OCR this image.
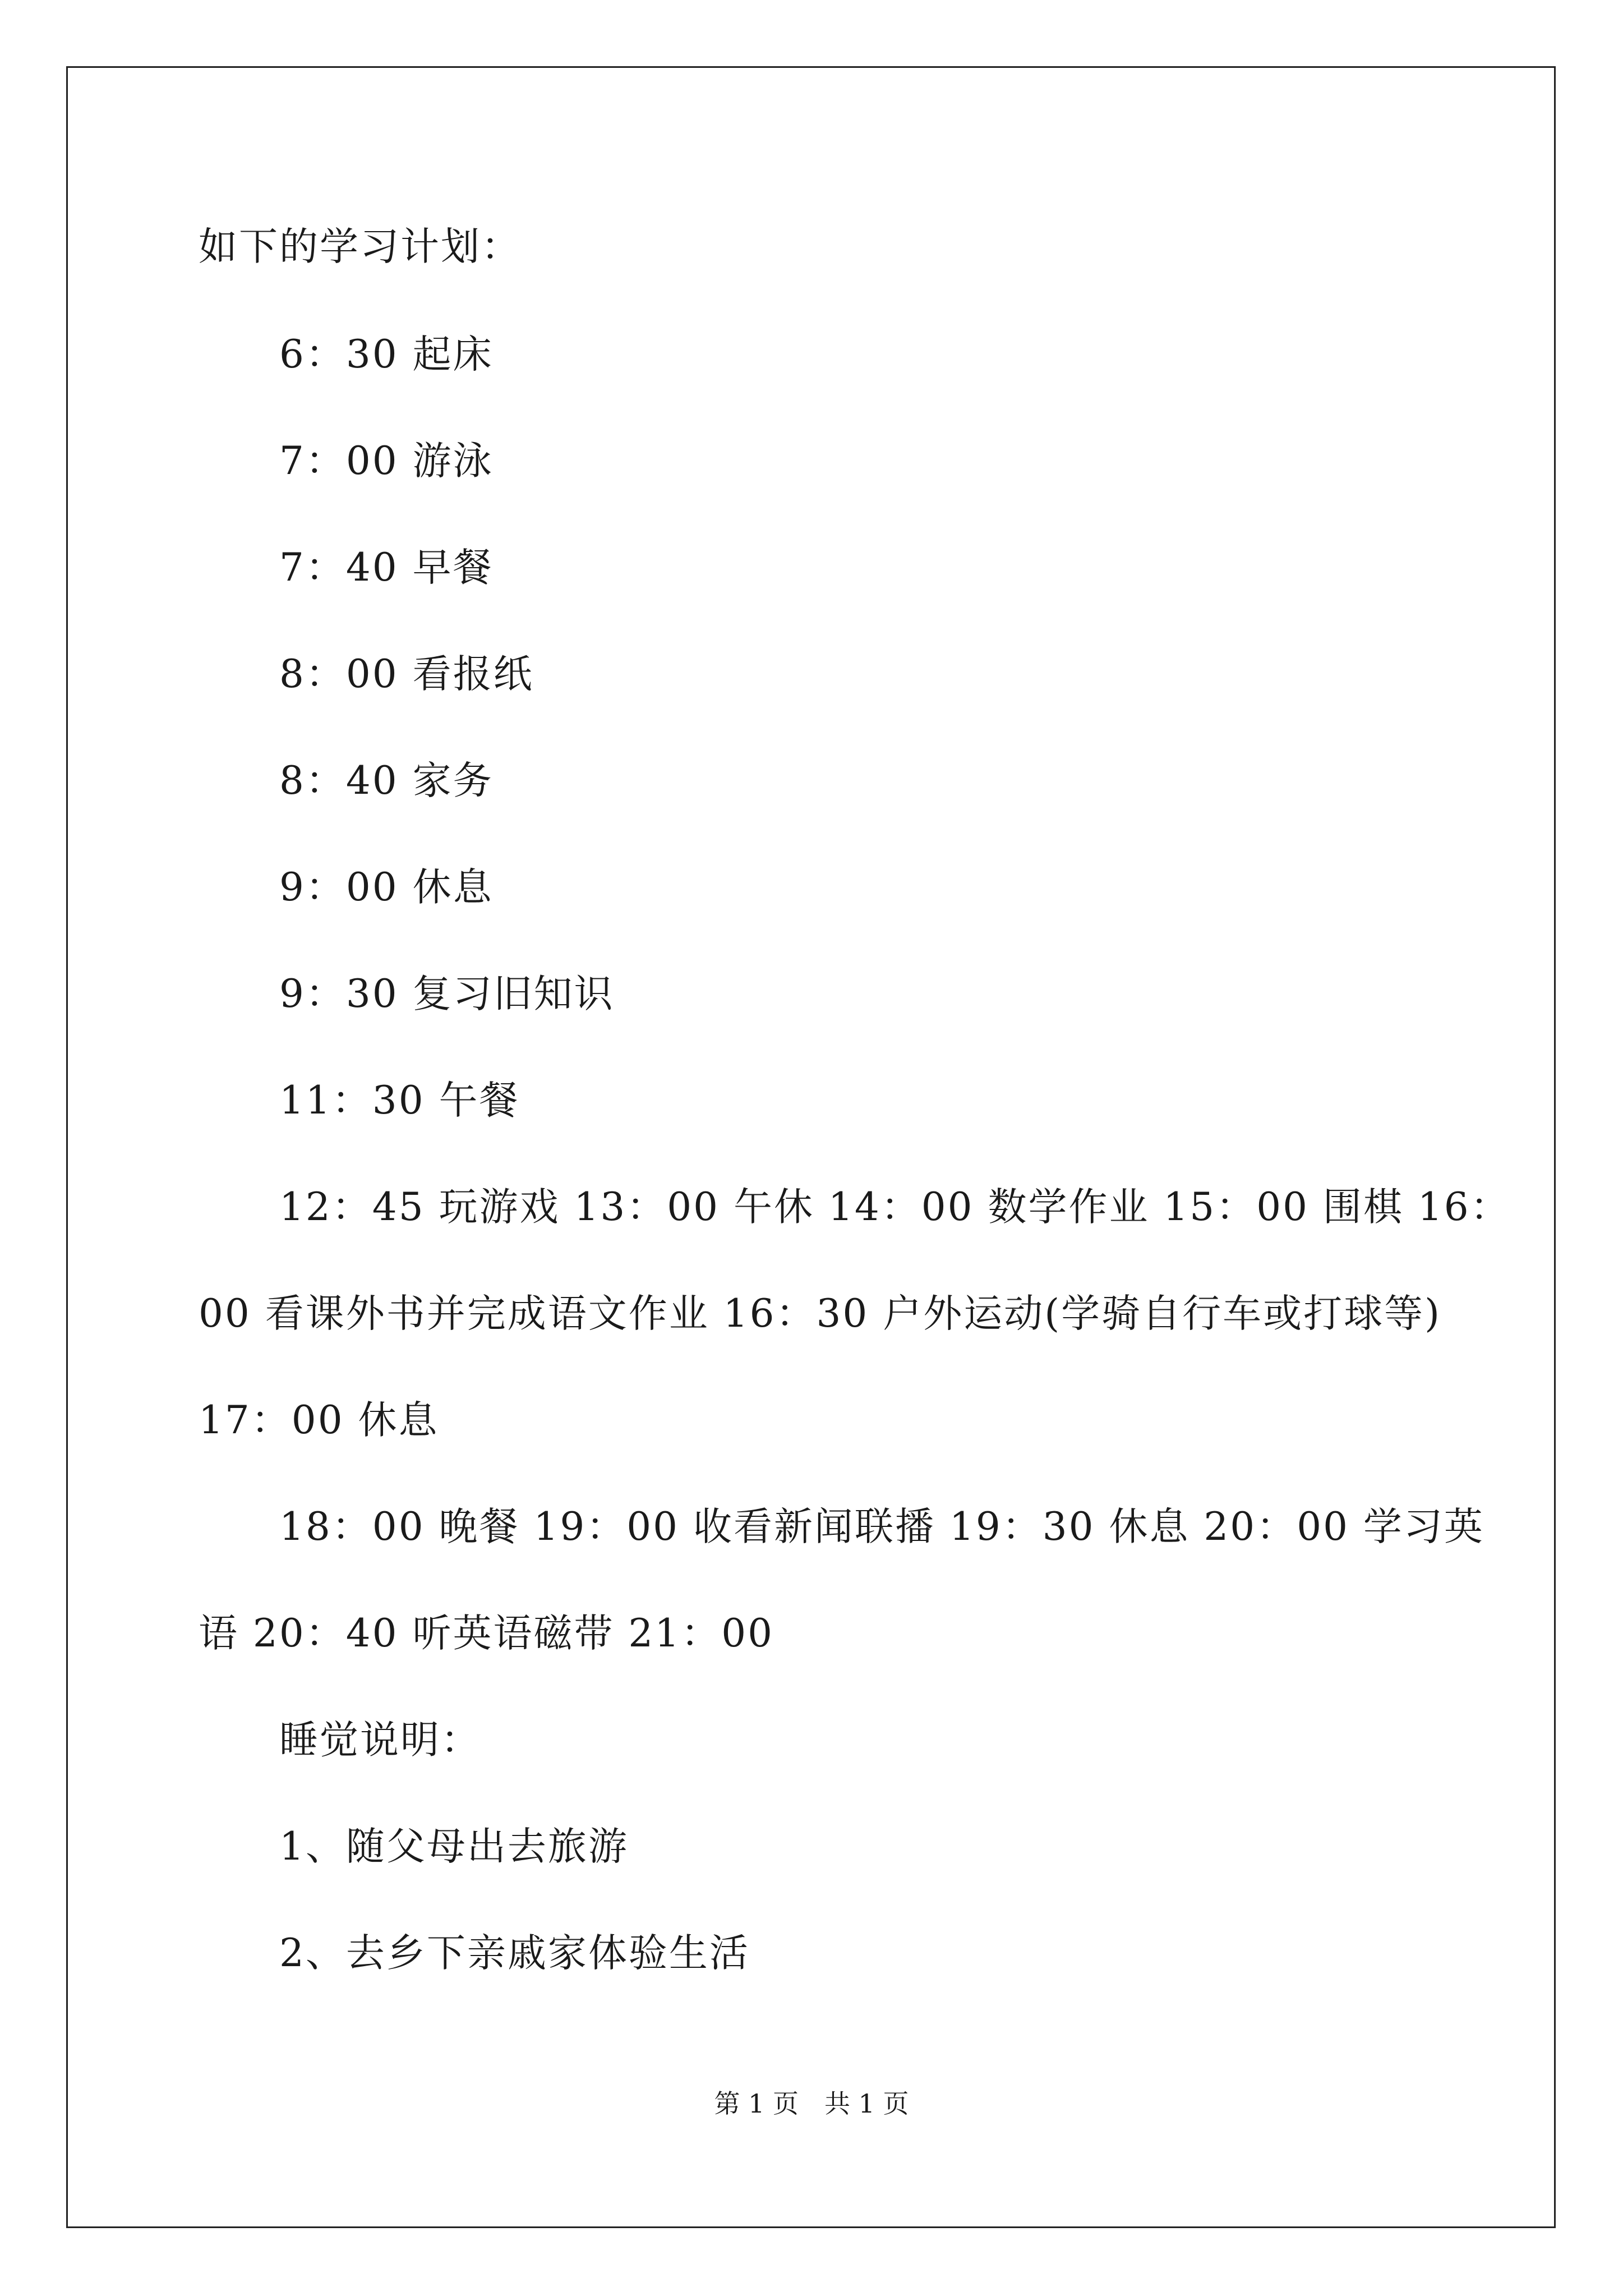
如下的学习计划：
6：30 起床
7：00 游泳
7：40 早餐
8：00 看报纸
8：40 家务
9：00 休息
9：30 复习旧知识
11：30 午餐
12：45 玩游戏 13：00 午休 14：00 数学作业 15：00 围棋 16：
00 看课外书并完成语文作业 16：30 户外运动(学骑自行车或打球等)
17：00 休息
18：00 晚餐 19：00 收看新闻联播 19：30 休息 20：00 学习英
语 20：40 听英语磁带 21：00
睡觉说明：
1、随父母出去旅游
2、去乡下亲戚家体验生活
第 1 页　共 1 页
